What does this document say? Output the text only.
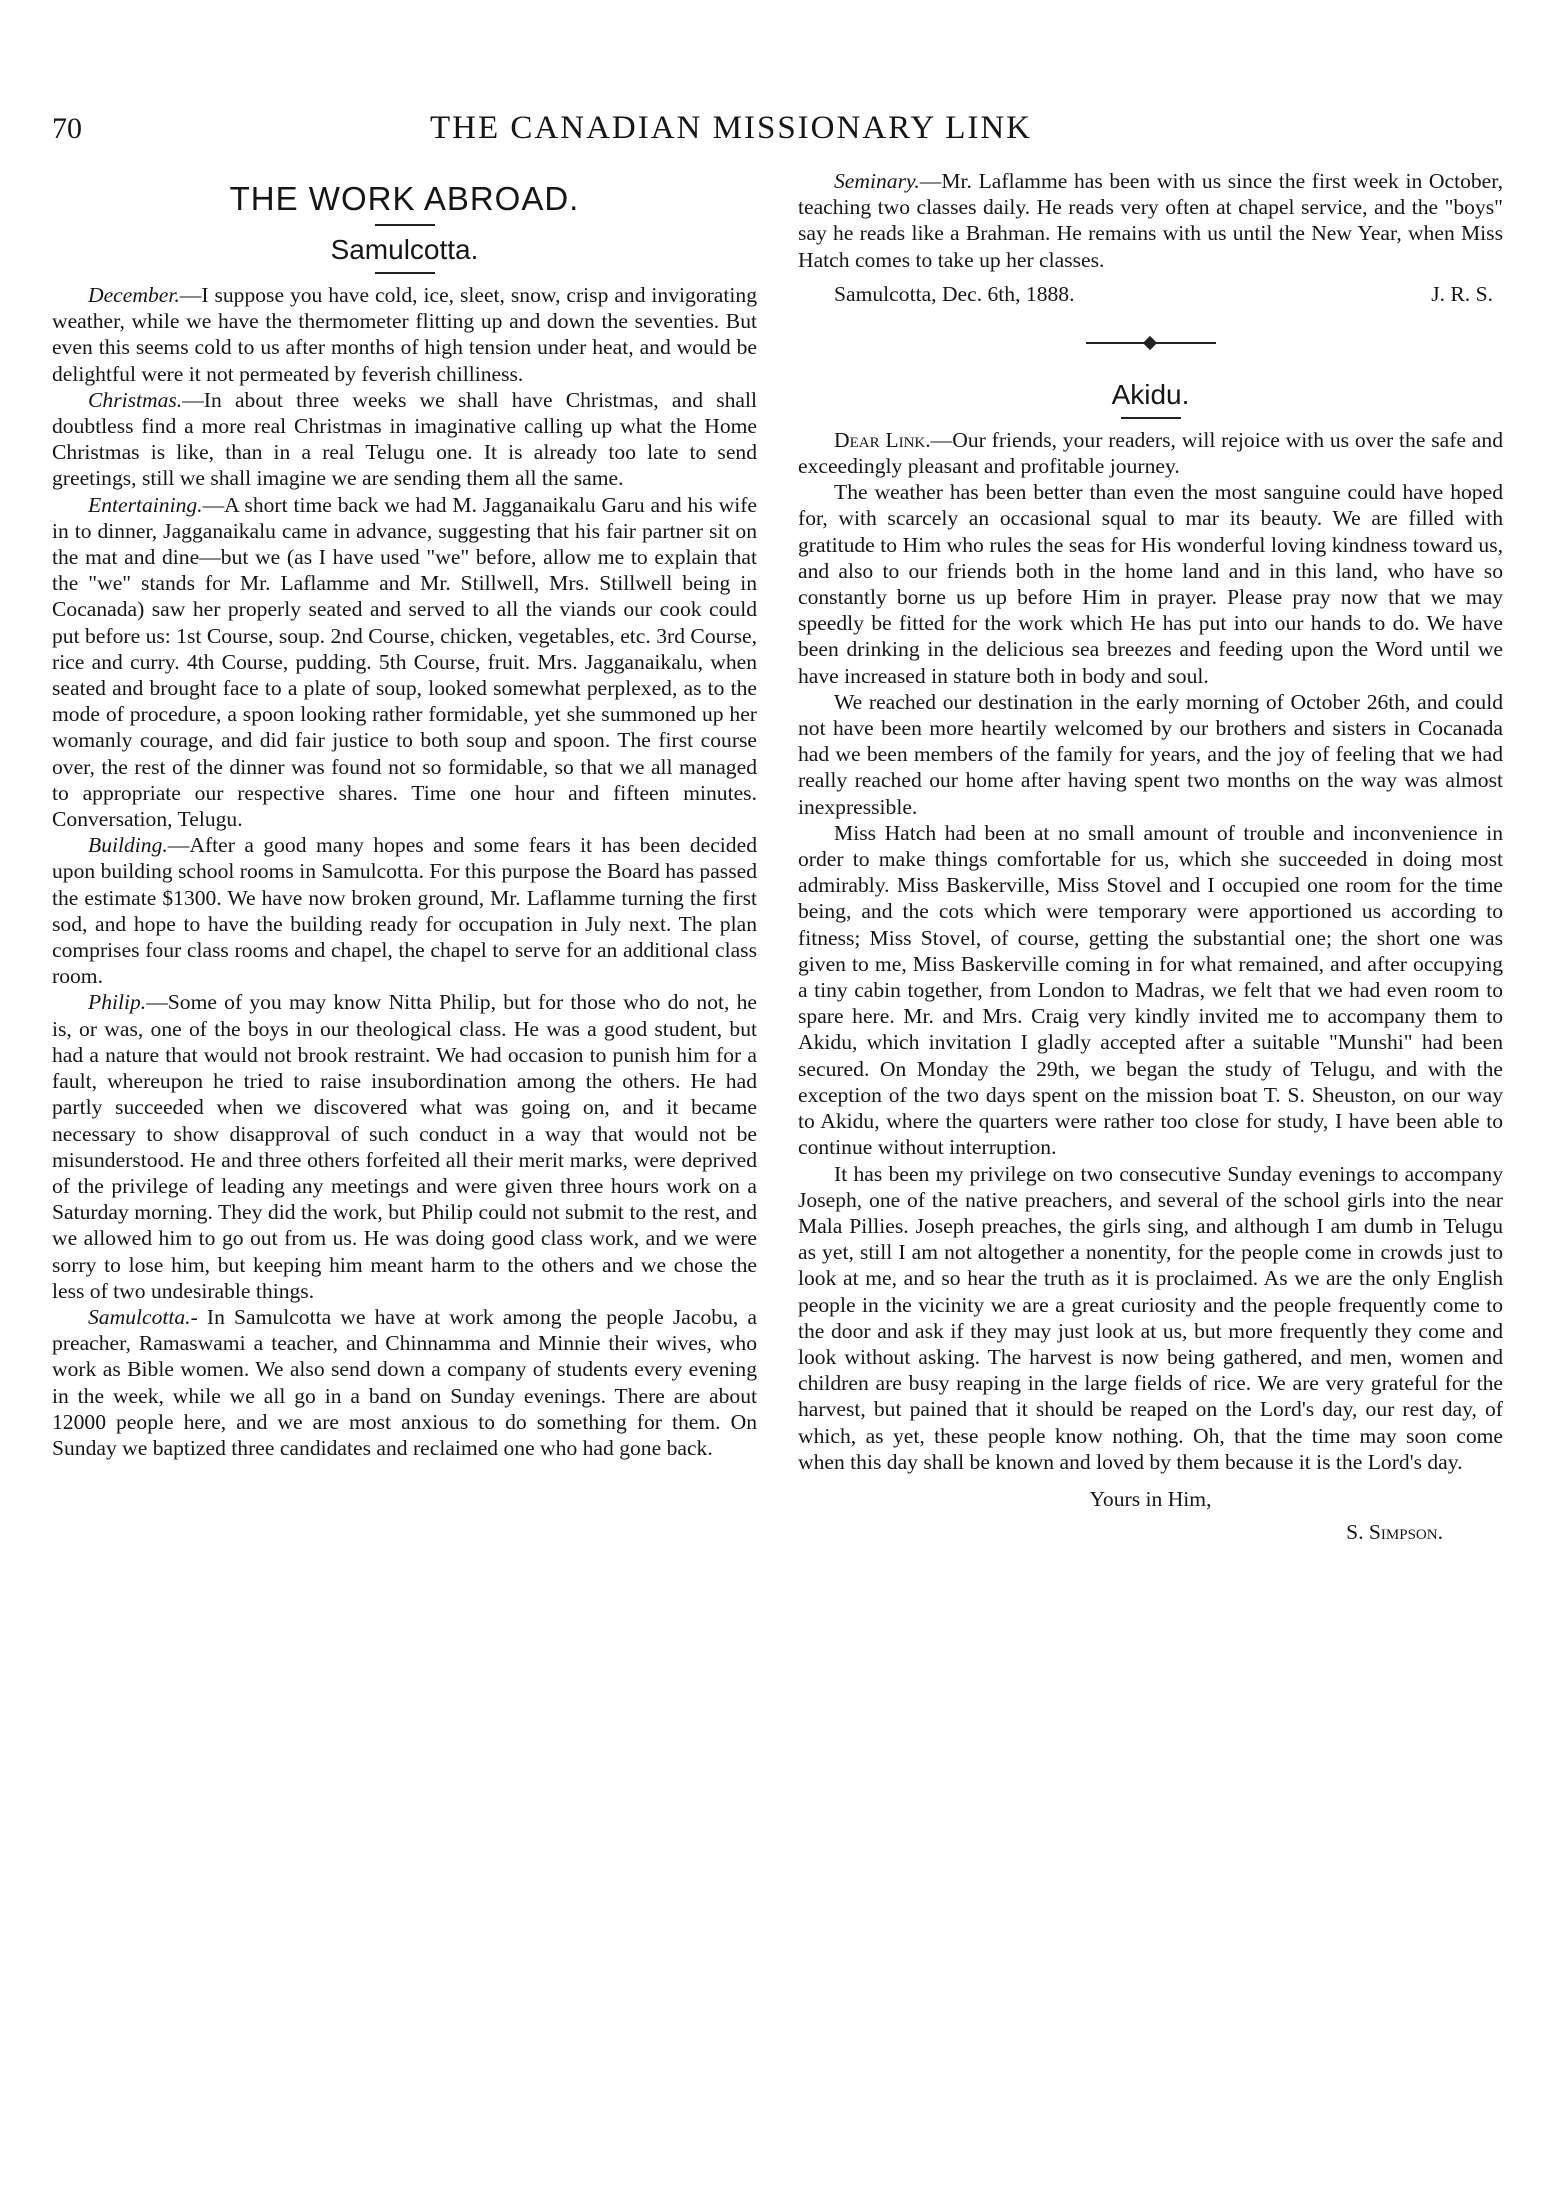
70	THE CANADIAN MISSIONARY LINK
THE WORK ABROAD.
Samulcotta.

December.—I suppose you have cold, ice, sleet, snow, crisp and invigorating weather, while we have the thermometer flitting up and down the seventies. But even this seems cold to us after months of high tension under heat, and would be delightful were it not permeated by feverish chilliness.

Christmas.—In about three weeks we shall have Christmas, and shall doubtless find a more real Christmas in imaginative calling up what the Home Christmas is like, than in a real Telugu one. It is already too late to send greetings, still we shall imagine we are sending them all the same.

Entertaining.—A short time back we had M. Jagganaikalu Garu and his wife in to dinner, Jagganaikalu came in advance, suggesting that his fair partner sit on the mat and dine—but we (as I have used "we" before, allow me to explain that the "we" stands for Mr. Laflamme and Mr. Stillwell, Mrs. Stillwell being in Cocanada) saw her properly seated and served to all the viands our cook could put before us: 1st Course, soup. 2nd Course, chicken, vegetables, etc. 3rd Course, rice and curry. 4th Course, pudding. 5th Course, fruit. Mrs. Jagganaikalu, when seated and brought face to a plate of soup, looked somewhat perplexed, as to the mode of procedure, a spoon looking rather formidable, yet she summoned up her womanly courage, and did fair justice to both soup and spoon. The first course over, the rest of the dinner was found not so formidable, so that we all managed to appropriate our respective shares. Time one hour and fifteen minutes. Conversation, Telugu.

Building.—After a good many hopes and some fears it has been decided upon building school rooms in Samulcotta. For this purpose the Board has passed the estimate $1300. We have now broken ground, Mr. Laflamme turning the first sod, and hope to have the building ready for occupation in July next. The plan comprises four class rooms and chapel, the chapel to serve for an additional class room.

Philip.—Some of you may know Nitta Philip, but for those who do not, he is, or was, one of the boys in our theological class. He was a good student, but had a nature that would not brook restraint. We had occasion to punish him for a fault, whereupon he tried to raise insubordination among the others. He had partly succeeded when we discovered what was going on, and it became necessary to show disapproval of such conduct in a way that would not be misunderstood. He and three others forfeited all their merit marks, were deprived of the privilege of leading any meetings and were given three hours work on a Saturday morning. They did the work, but Philip could not submit to the rest, and we allowed him to go out from us. He was doing good class work, and we were sorry to lose him, but keeping him meant harm to the others and we chose the less of two undesirable things.

Samulcotta.- In Samulcotta we have at work among the people Jacobu, a preacher, Ramaswami a teacher, and Chinnamma and Minnie their wives, who work as Bible women. We also send down a company of students every evening in the week, while we all go in a band on Sunday evenings. There are about 12000 people here, and we are most anxious to do something for them. On Sunday we baptized three candidates and reclaimed one who had gone back.

Seminary.—Mr. Laflamme has been with us since the first week in October, teaching two classes daily. He reads very often at chapel service, and the "boys" say he reads like a Brahman. He remains with us until the New Year, when Miss Hatch comes to take up her classes.

Samulcotta, Dec. 6th, 1888.	J. R. S.
Akidu.

Dear Link.—Our friends, your readers, will rejoice with us over the safe and exceedingly pleasant and profitable journey.

The weather has been better than even the most sanguine could have hoped for, with scarcely an occasional squal to mar its beauty. We are filled with gratitude to Him who rules the seas for His wonderful loving kindness toward us, and also to our friends both in the home land and in this land, who have so constantly borne us up before Him in prayer. Please pray now that we may speedly be fitted for the work which He has put into our hands to do. We have been drinking in the delicious sea breezes and feeding upon the Word until we have increased in stature both in body and soul.

We reached our destination in the early morning of October 26th, and could not have been more heartily welcomed by our brothers and sisters in Cocanada had we been members of the family for years, and the joy of feeling that we had really reached our home after having spent two months on the way was almost inexpressible.

Miss Hatch had been at no small amount of trouble and inconvenience in order to make things comfortable for us, which she succeeded in doing most admirably. Miss Baskerville, Miss Stovel and I occupied one room for the time being, and the cots which were temporary were apportioned us according to fitness; Miss Stovel, of course, getting the substantial one; the short one was given to me, Miss Baskerville coming in for what remained, and after occupying a tiny cabin together, from London to Madras, we felt that we had even room to spare here. Mr. and Mrs. Craig very kindly invited me to accompany them to Akidu, which invitation I gladly accepted after a suitable "Munshi" had been secured. On Monday the 29th, we began the study of Telugu, and with the exception of the two days spent on the mission boat T. S. Sheuston, on our way to Akidu, where the quarters were rather too close for study, I have been able to continue without interruption.

It has been my privilege on two consecutive Sunday evenings to accompany Joseph, one of the native preachers, and several of the school girls into the near Mala Pillies. Joseph preaches, the girls sing, and although I am dumb in Telugu as yet, still I am not altogether a nonentity, for the people come in crowds just to look at me, and so hear the truth as it is proclaimed. As we are the only English people in the vicinity we are a great curiosity and the people frequently come to the door and ask if they may just look at us, but more frequently they come and look without asking. The harvest is now being gathered, and men, women and children are busy reaping in the large fields of rice. We are very grateful for the harvest, but pained that it should be reaped on the Lord's day, our rest day, of which, as yet, these people know nothing. Oh, that the time may soon come when this day shall be known and loved by them because it is the Lord's day.

Yours in Him,
S. Simpson.
